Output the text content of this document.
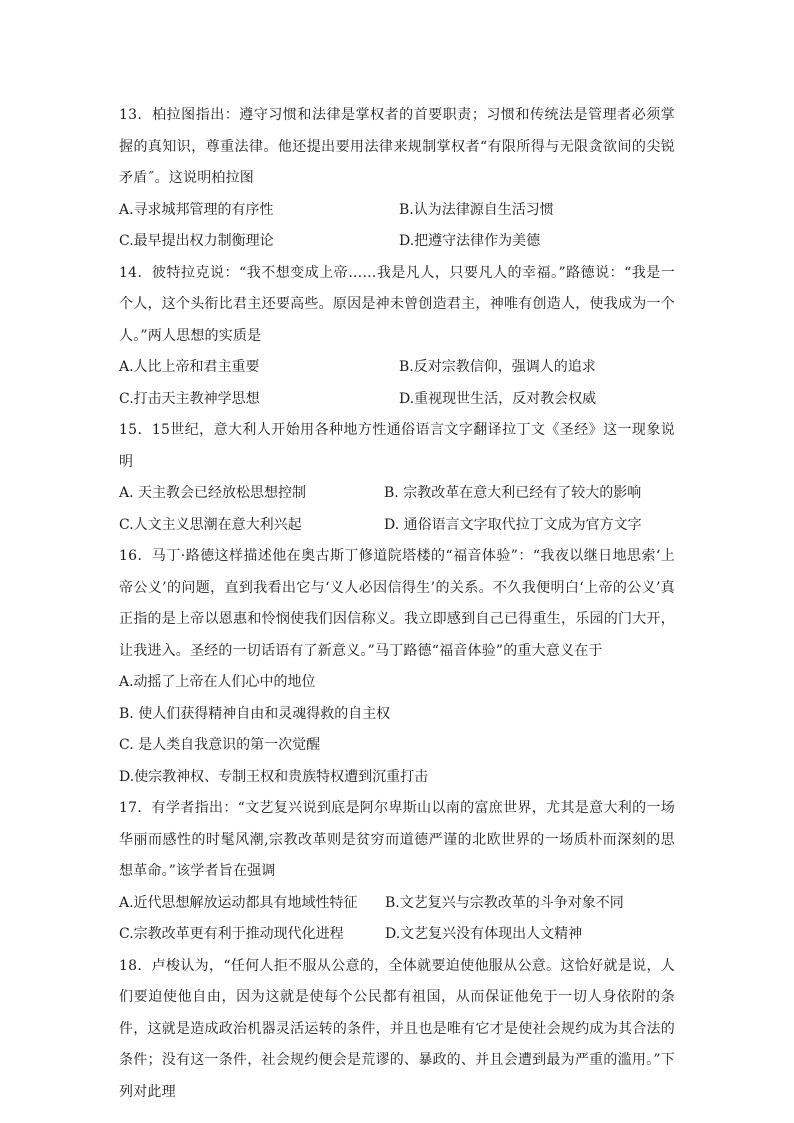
13．柏拉图指出：遵守习惯和法律是掌权者的首要职责；习惯和传统法是管理者必须掌握的真知识，尊重法律。他还提出要用法律来规制掌权者“有限所得与无限贪欲间的尖锐矛盾˝。这说明柏拉图

A.寻求城邦管理的有序性	B.认为法律源自生活习惯
C.最早提出权力制衡理论	D.把遵守法律作为美德

14．彼特拉克说：“我不想变成上帝……我是凡人，只要凡人的幸福。”路德说：“我是一个人，这个头衔比君主还要高些。原因是神未曾创造君主，神唯有创造人，使我成为一个人。”两人思想的实质是

A.人比上帝和君主重要	B.反对宗教信仰，强调人的追求
C.打击天主教神学思想	D.重视现世生活，反对教会权威

15．15世纪，意大利人开始用各种地方性通俗语言文字翻译拉丁文《圣经》这一现象说明

A. 天主教会已经放松思想控制	B. 宗教改革在意大利已经有了较大的影响
C.人文主义思潮在意大利兴起	D. 通俗语言文字取代拉丁文成为官方文字

16．马丁·路德这样描述他在奥古斯丁修道院塔楼的“福音体验”：“我夜以继日地思索‘上帝公义’的问题，直到我看出它与‘义人必因信得生’的关系。不久我便明白‘上帝的公义’真正指的是上帝以恩惠和怜悯使我们因信称义。我立即感到自己已得重生，乐园的门大开，让我进入。圣经的一切话语有了新意义。”马丁路德“福音体验”的重大意义在于

A.动摇了上帝在人们心中的地位

B. 使人们获得精神自由和灵魂得救的自主权

C. 是人类自我意识的第一次觉醒

D.使宗教神权、专制王权和贵族特权遭到沉重打击

17．有学者指出：“文艺复兴说到底是阿尔卑斯山以南的富庶世界，尤其是意大利的一场华丽而感性的时髦风潮,宗教改革则是贫穷而道德严谨的北欧世界的一场质朴而深刻的思想革命。”该学者旨在强调

A.近代思想解放运动都具有地域性特征	B.文艺复兴与宗教改革的斗争对象不同
C.宗教改革更有利于推动现代化进程	D.文艺复兴没有体现出人文精神

18．卢梭认为，“任何人拒不服从公意的，全体就要迫使他服从公意。这恰好就是说，人们要迫使他自由，因为这就是使每个公民都有祖国，从而保证他免于一切人身依附的条件，这就是造成政治机器灵活运转的条件，并且也是唯有它才是使社会规约成为其合法的条件；没有这一条件，社会规约便会是荒谬的、暴政的、并且会遭到最为严重的滥用。”下列对此理
